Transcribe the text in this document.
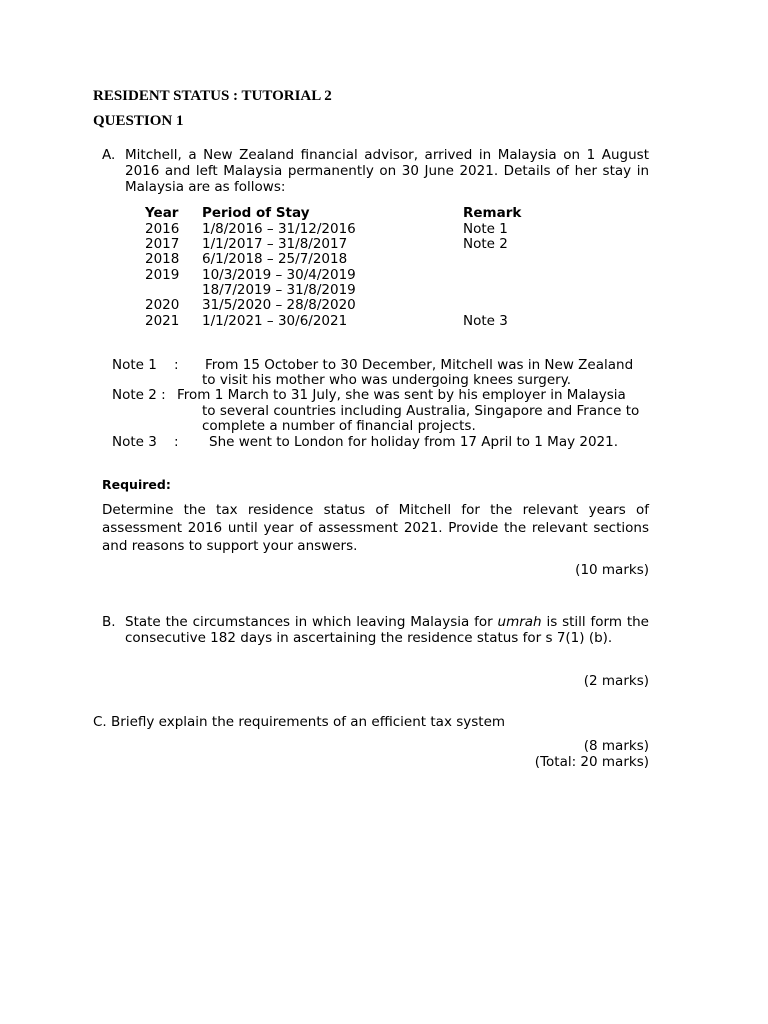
RESIDENT STATUS : TUTORIAL 2
QUESTION 1
A. Mitchell, a New Zealand financial advisor, arrived in Malaysia on 1 August 2016 and left Malaysia permanently on 30 June 2021. Details of her stay in Malaysia are as follows:
Year Period of Stay	Remark
2016 1/8/2016 – 31/12/2016	Note 1
2017 1/1/2017 – 31/8/2017	Note 2
2018 6/1/2018 – 25/7/2018
2019 10/3/2019 – 30/4/2019
18/7/2019 – 31/8/2019
2020 31/5/2020 – 28/8/2020
2021 1/1/2021 – 30/6/2021	Note 3
Note 1    : From 15 October to 30 December, Mitchell was in New Zealand
to visit his mother who was undergoing knees surgery.
Note 2 : From 1 March to 31 July, she was sent by his employer in Malaysia
to several countries including Australia, Singapore and France to
complete a number of financial projects.
Note 3    : She went to London for holiday from 17 April to 1 May 2021.
Required:
Determine the tax residence status of Mitchell for the relevant years of assessment 2016 until year of assessment 2021. Provide the relevant sections and reasons to support your answers.
(10 marks)
B. State the circumstances in which leaving Malaysia for umrah is still form the consecutive 182 days in ascertaining the residence status for s 7(1) (b).
(2 marks)
C. Briefly explain the requirements of an efficient tax system
(8 marks)
(Total: 20 marks)
